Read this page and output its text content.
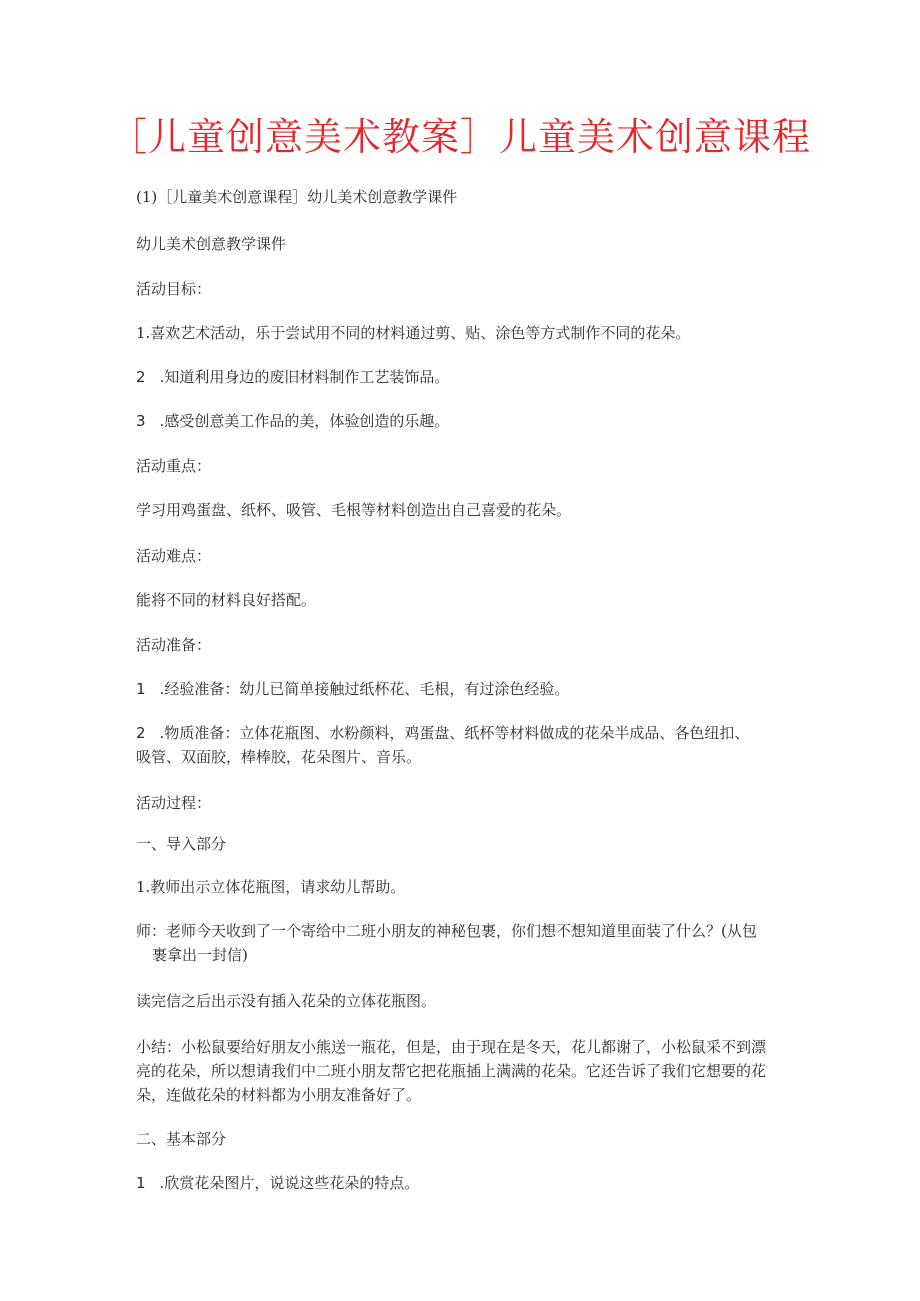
［儿童创意美术教案］儿童美术创意课程
(1)［儿童美术创意课程］幼儿美术创意教学课件
幼儿美术创意教学课件
活动目标：
1.喜欢艺术活动，乐于尝试用不同的材料通过剪、贴、涂色等方式制作不同的花朵。
2 .知道利用身边的废旧材料制作工艺装饰品。
3 .感受创意美工作品的美，体验创造的乐趣。
活动重点：
学习用鸡蛋盘、纸杯、吸管、毛根等材料创造出自己喜爱的花朵。
活动难点：
能将不同的材料良好搭配。
活动准备：
1 .经验准备：幼儿已简单接触过纸杯花、毛根，有过涂色经验。
2 .物质准备：立体花瓶图、水粉颜料，鸡蛋盘、纸杯等材料做成的花朵半成品、各色纽扣、
吸管、双面胶，棒棒胶，花朵图片、音乐。
活动过程：
一、导入部分
1.教师出示立体花瓶图，请求幼儿帮助。
师：老师今天收到了一个寄给中二班小朋友的神秘包裹，你们想不想知道里面装了什么？(从包
裹拿出一封信)
读完信之后出示没有插入花朵的立体花瓶图。
小结：小松鼠要给好朋友小熊送一瓶花，但是，由于现在是冬天，花儿都谢了，小松鼠采不到漂
亮的花朵，所以想请我们中二班小朋友帮它把花瓶插上满满的花朵。它还告诉了我们它想要的花
朵，连做花朵的材料都为小朋友准备好了。
二、基本部分
1 .欣赏花朵图片，说说这些花朵的特点。
